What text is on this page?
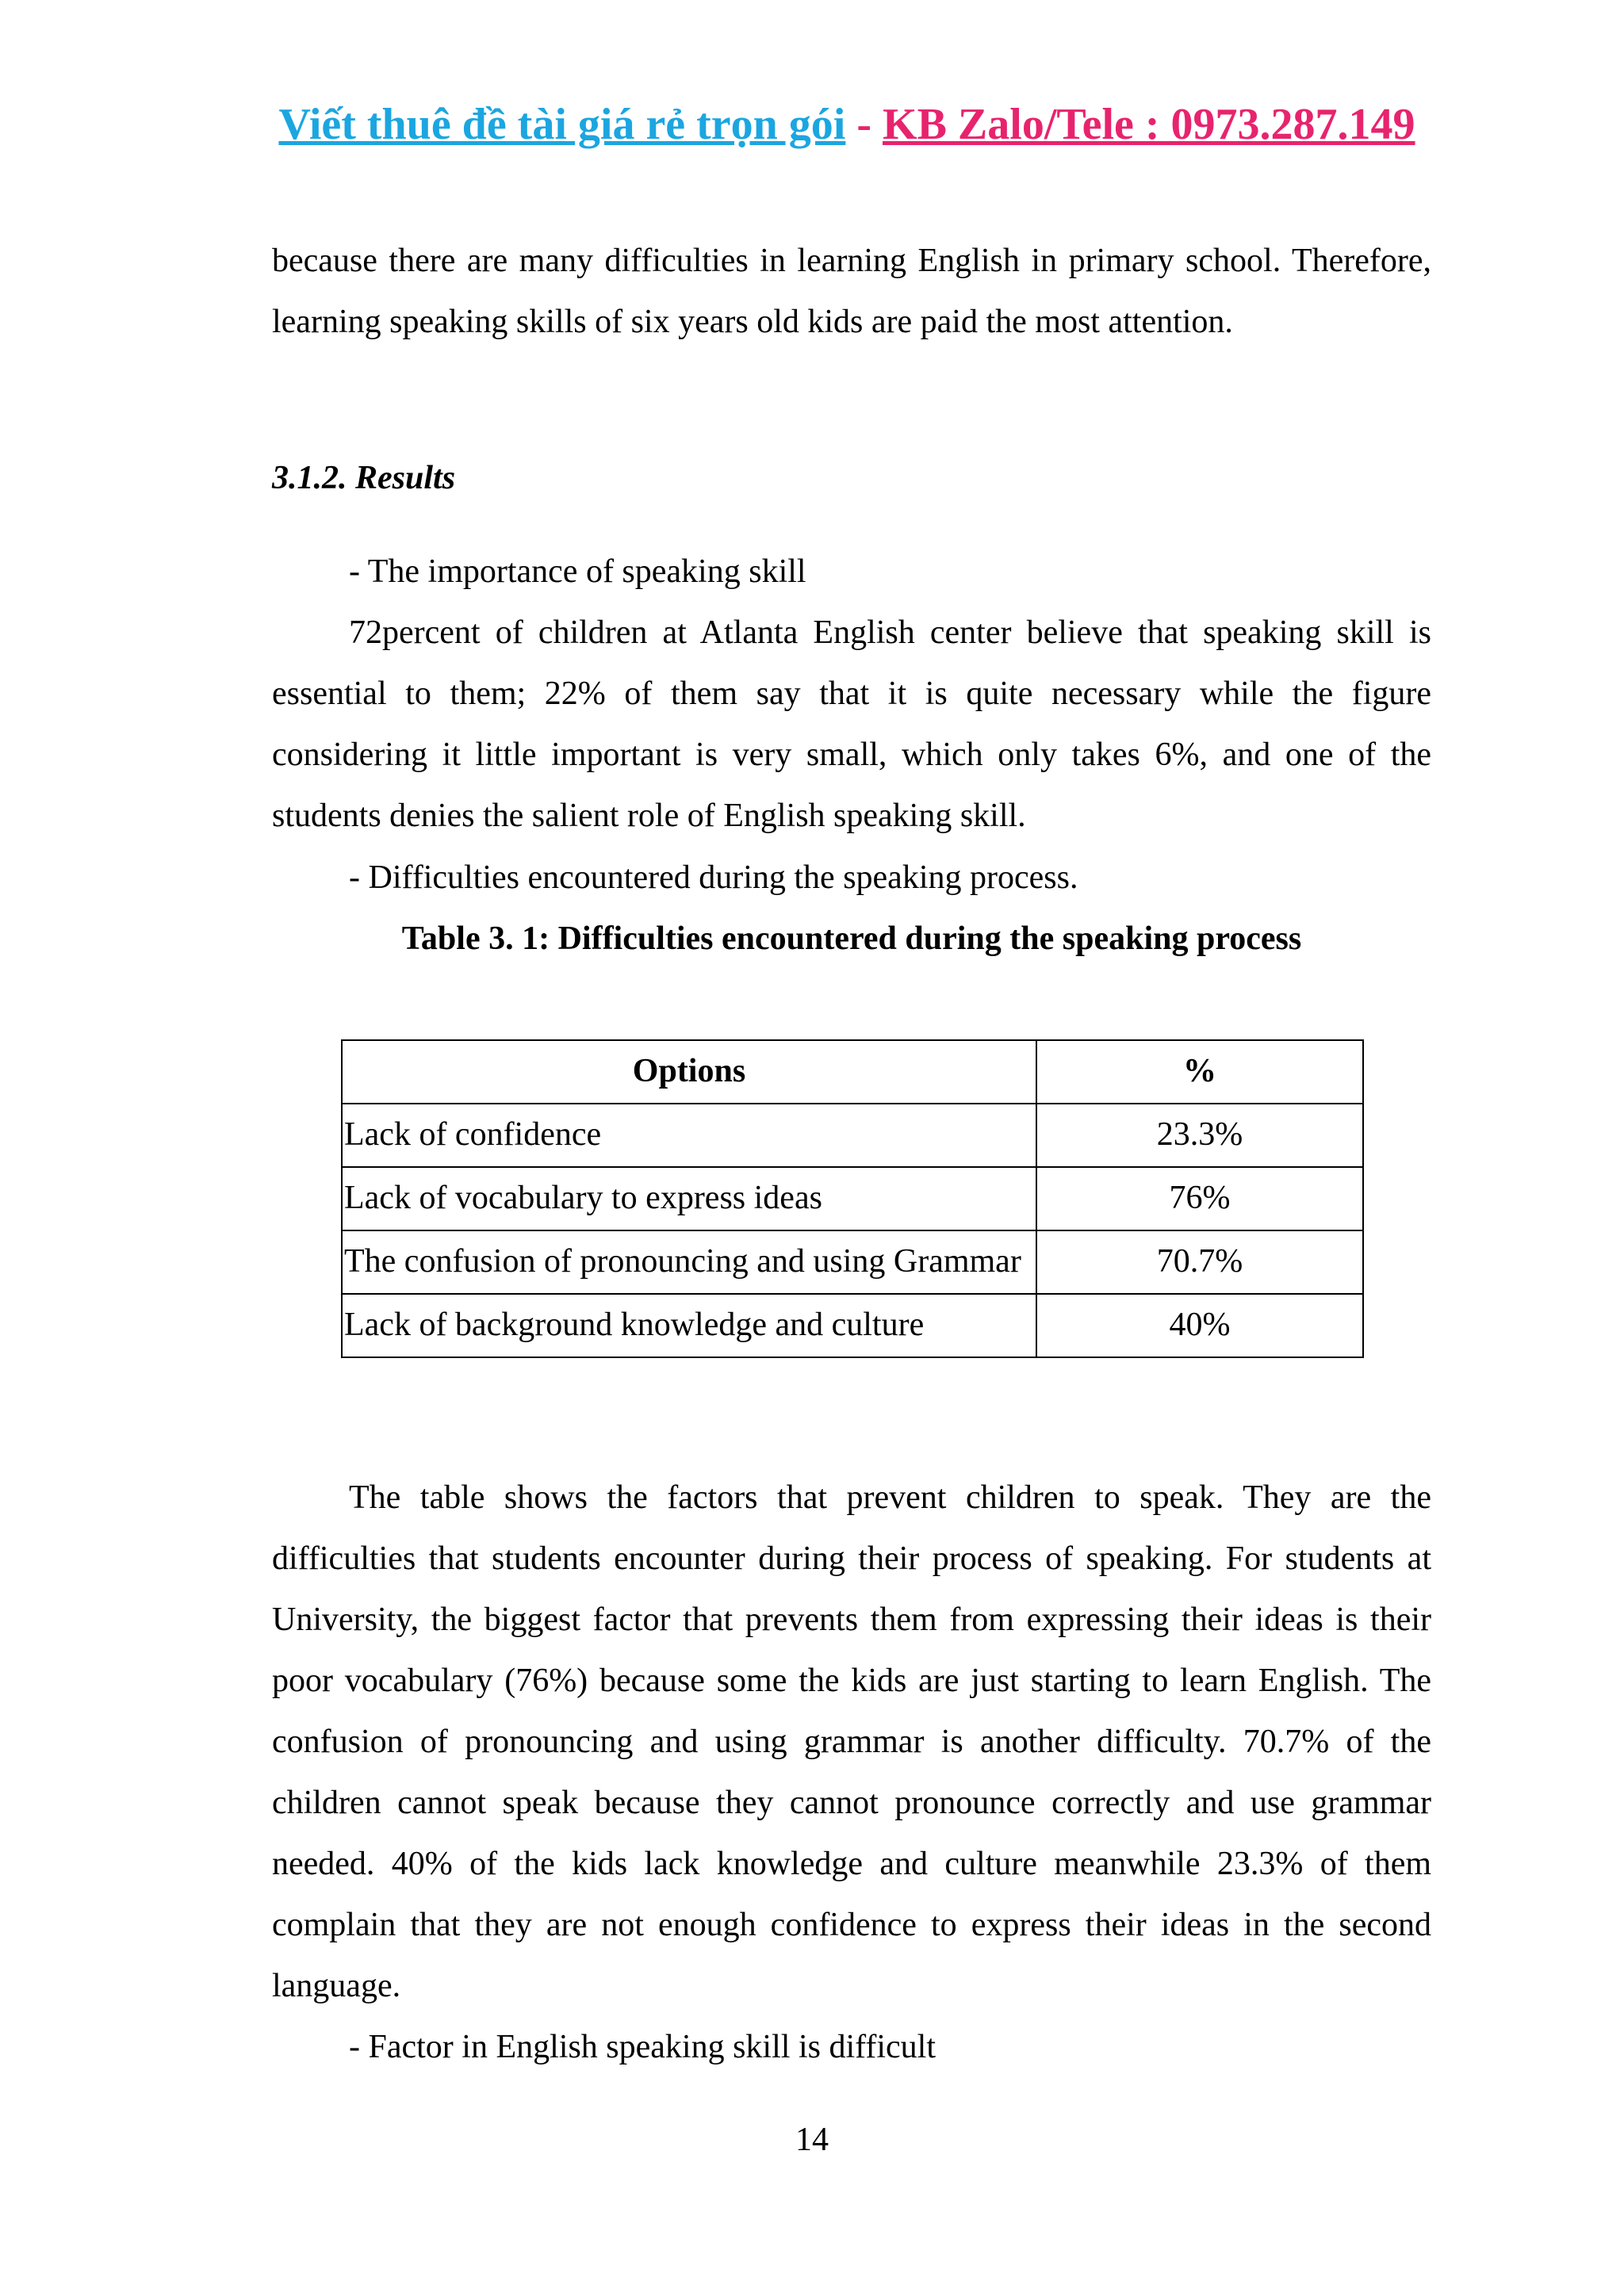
Viết thuê đề tài giá rẻ trọn gói - KB Zalo/Tele : 0973.287.149

because there are many difficulties in learning English in primary school. Therefore, learning speaking skills of six years old kids are paid the most attention.

3.1.2. Results

- The importance of speaking skill

72percent of children at Atlanta English center believe that speaking skill is essential to them; 22% of them say that it is quite necessary while the figure considering it little important is very small, which only takes 6%, and one of the students denies the salient role of English speaking skill.

- Difficulties encountered during the speaking process.

Table 3. 1: Difficulties encountered during the speaking process

Options	%
Lack of confidence	23.3%
Lack of vocabulary to express ideas	76%
The confusion of pronouncing and using Grammar	70.7%
Lack of background knowledge and culture	40%

The table shows the factors that prevent children to speak. They are the difficulties that students encounter during their process of speaking. For students at University, the biggest factor that prevents them from expressing their ideas is their poor vocabulary (76%) because some the kids are just starting to learn English. The confusion of pronouncing and using grammar is another difficulty. 70.7% of the children cannot speak because they cannot pronounce correctly and use grammar needed. 40% of the kids lack knowledge and culture meanwhile 23.3% of them complain that they are not enough confidence to express their ideas in the second language.

- Factor in English speaking skill is difficult

14
